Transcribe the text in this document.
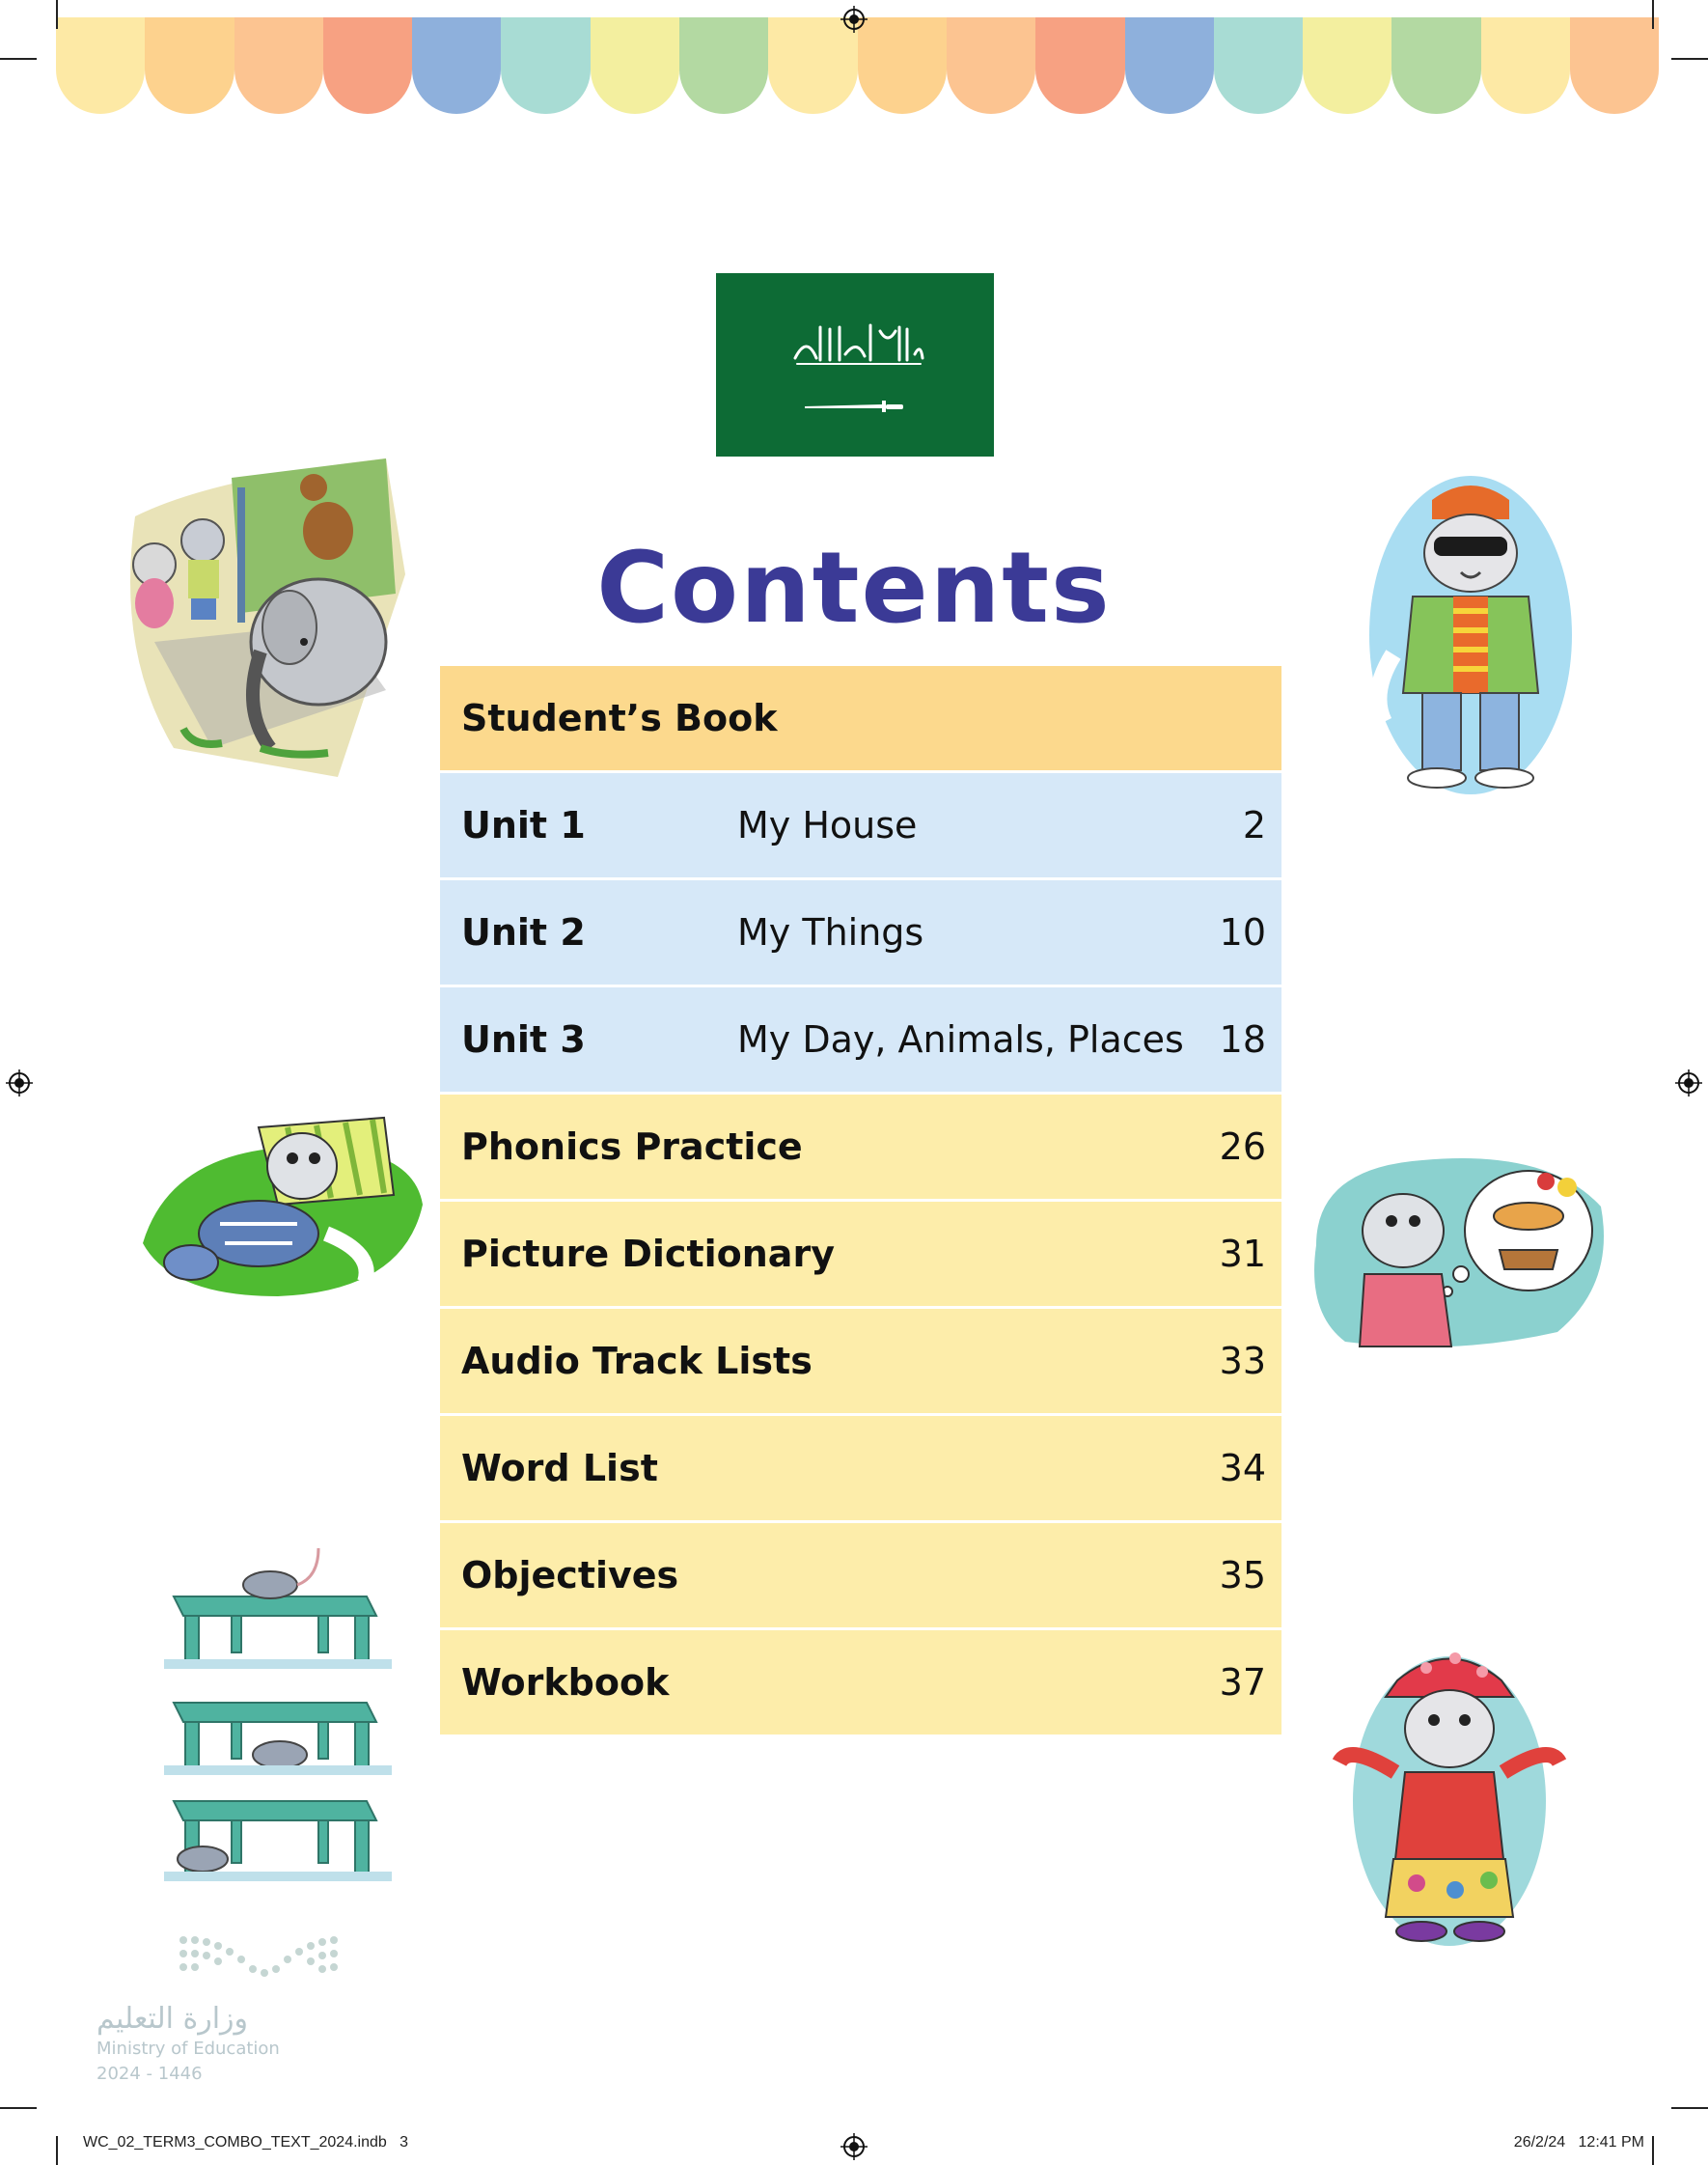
Contents
Student’s Book
Unit 1	My House	2
Unit 2	My Things	10
Unit 3	My Day, Animals, Places 18
Phonics Practice	26
Picture Dictionary	31
Audio Track Lists	33
Word List	34
Objectives	35
Workbook	37
وزارة التعليم
Ministry of Education
2024 - 1446
WC_02_TERM3_COMBO_TEXT_2024.indb   3	26/2/24   12:41 PM
